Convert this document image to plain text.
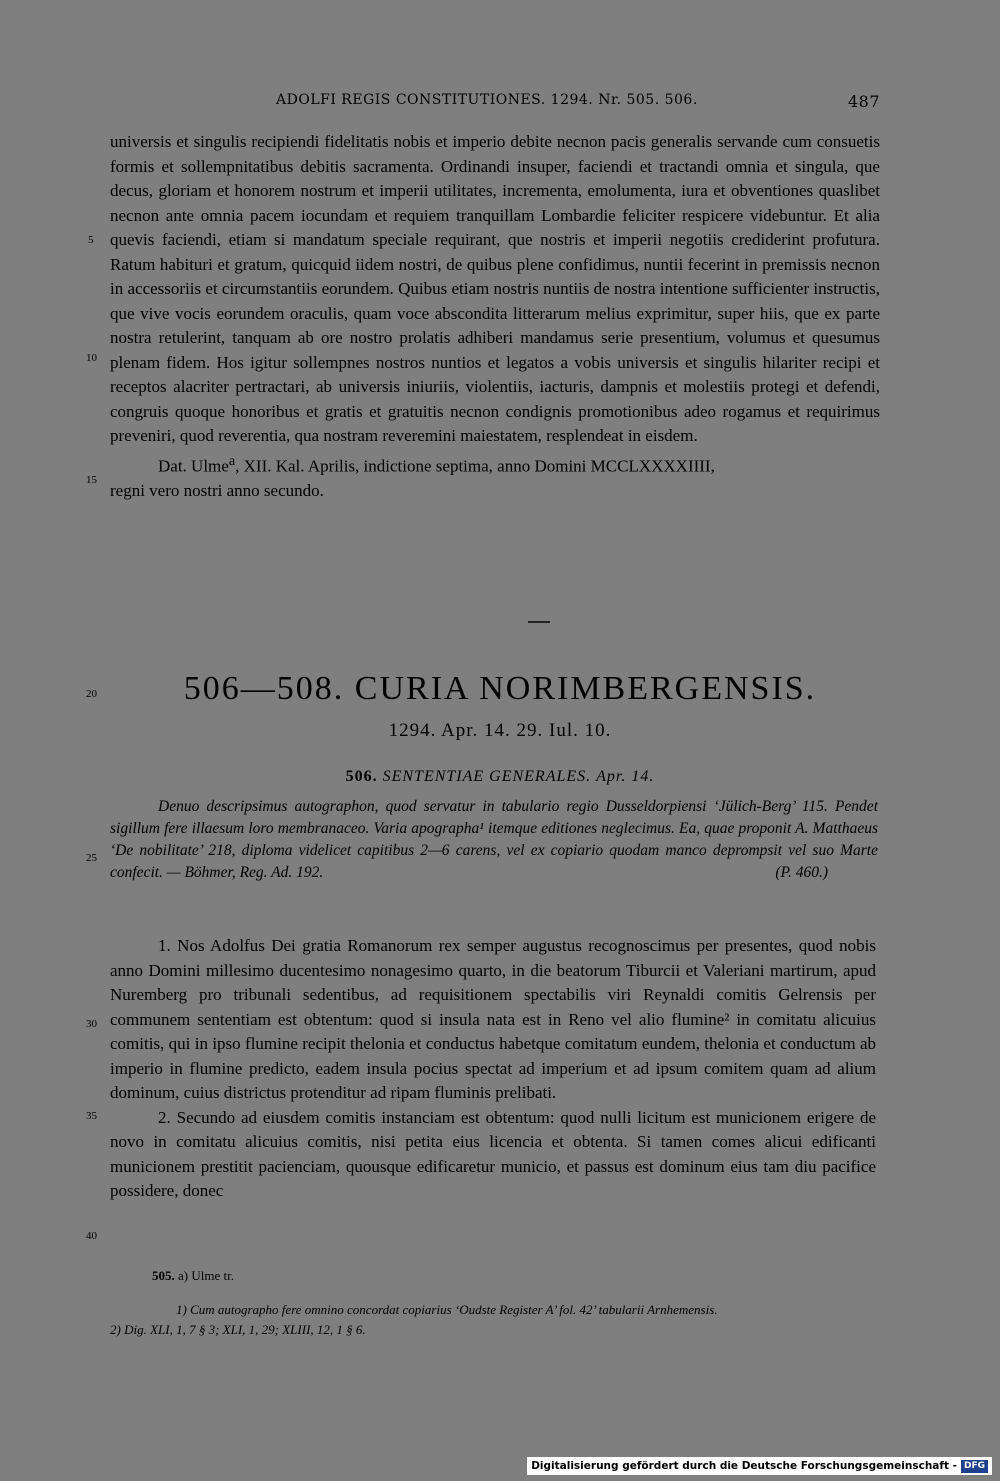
ADOLFI REGIS CONSTITUTIONES. 1294. Nr. 505. 506.	487

universis et singulis recipiendi fidelitatis nobis et imperio debite necnon pacis generalis servande cum consuetis formis et sollempnitatibus debitis sacramenta. Ordinandi insuper, faciendi et tractandi omnia et singula, que decus, gloriam et honorem nostrum et imperii utilitates, incrementa, emolumenta, iura et obventiones quaslibet necnon ante omnia pacem iocundam et requiem tranquillam Lombardie feliciter respicere videbuntur. Et alia quevis faciendi, etiam si mandatum speciale requirant, que nostris et imperii negotiis crediderint profutura. Ratum habituri et gratum, quicquid iidem nostri, de quibus plene confidimus, nuntii fecerint in premissis necnon in accessoriis et circumstantiis eorundem. Quibus etiam nostris nuntiis de nostra intentione sufficienter instructis, que vive vocis eorundem oraculis, quam voce abscondita litterarum melius exprimitur, super hiis, que ex parte nostra retulerint, tanquam ab ore nostro prolatis adhiberi mandamus serie presentium, volumus et quesumus plenam fidem. Hos igitur sollempnes nostros nuntios et legatos a vobis universis et singulis hilariter recipi et receptos alacriter pertractari, ab universis iniuriis, violentiis, iacturis, dampnis et molestiis protegi et defendi, congruis quoque honoribus et gratis et gratuitis necnon condignis promotionibus adeo rogamus et requirimus preveniri, quod reverentia, qua nostram reveremini maiestatem, resplendeat in eisdem.

Dat. Ulme$^a$, XII. Kal. Aprilis, indictione septima, anno Domini MCCLXXXXIIII,

regni vero nostri anno secundo.

5
10
15
20
25
30
35
40
506—508. CURIA NORIMBERGENSIS.
1294. Apr. 14. 29. Iul. 10.
506. SENTENTIAE GENERALES. Apr. 14.
Denuo descripsimus autographon, quod servatur in tabulario regio Dusseldorpiensi ‘Jülich-Berg’ 115. Pendet sigillum fere illaesum loro membranaceo. Varia apographa¹ itemque editiones neglecimus. Ea, quae proponit A. Matthaeus ‘De nobilitate’ 218, diploma videlicet capitibus 2—6 carens, vel ex copiario quodam manco deprompsit vel suo Marte confecit. — Böhmer, Reg. Ad. 192.	(P. 460.)

1. Nos Adolfus Dei gratia Romanorum rex semper augustus recognoscimus per presentes, quod nobis anno Domini millesimo ducentesimo nonagesimo quarto, in die beatorum Tiburcii et Valeriani martirum, apud Nuremberg pro tribunali sedentibus, ad requisitionem spectabilis viri Reynaldi comitis Gelrensis per communem sententiam est obtentum: quod si insula nata est in Reno vel alio flumine² in comitatu alicuius comitis, qui in ipso flumine recipit thelonia et conductus habetque comitatum eundem, thelonia et conductum ab imperio in flumine predicto, eadem insula pocius spectat ad imperium et ad ipsum comitem quam ad alium dominum, cuius districtus protenditur ad ripam fluminis prelibati.

2. Secundo ad eiusdem comitis instanciam est obtentum: quod nulli licitum est municionem erigere de novo in comitatu alicuius comitis, nisi petita eius licencia et obtenta. Si tamen comes alicui edificanti municionem prestitit pacienciam, quousque edificaretur municio, et passus est dominum eius tam diu pacifice possidere, donec

505. a) Ulme tr.
1) Cum autographo fere omnino concordat copiarius ‘Oudste Register A’ fol. 42’ tabularii Arnhemensis.
2) Dig. XLI, 1, 7 § 3; XLI, 1, 29; XLIII, 12, 1 § 6.
Digitalisierung gefördert durch die Deutsche Forschungsgemeinschaft - DFG
